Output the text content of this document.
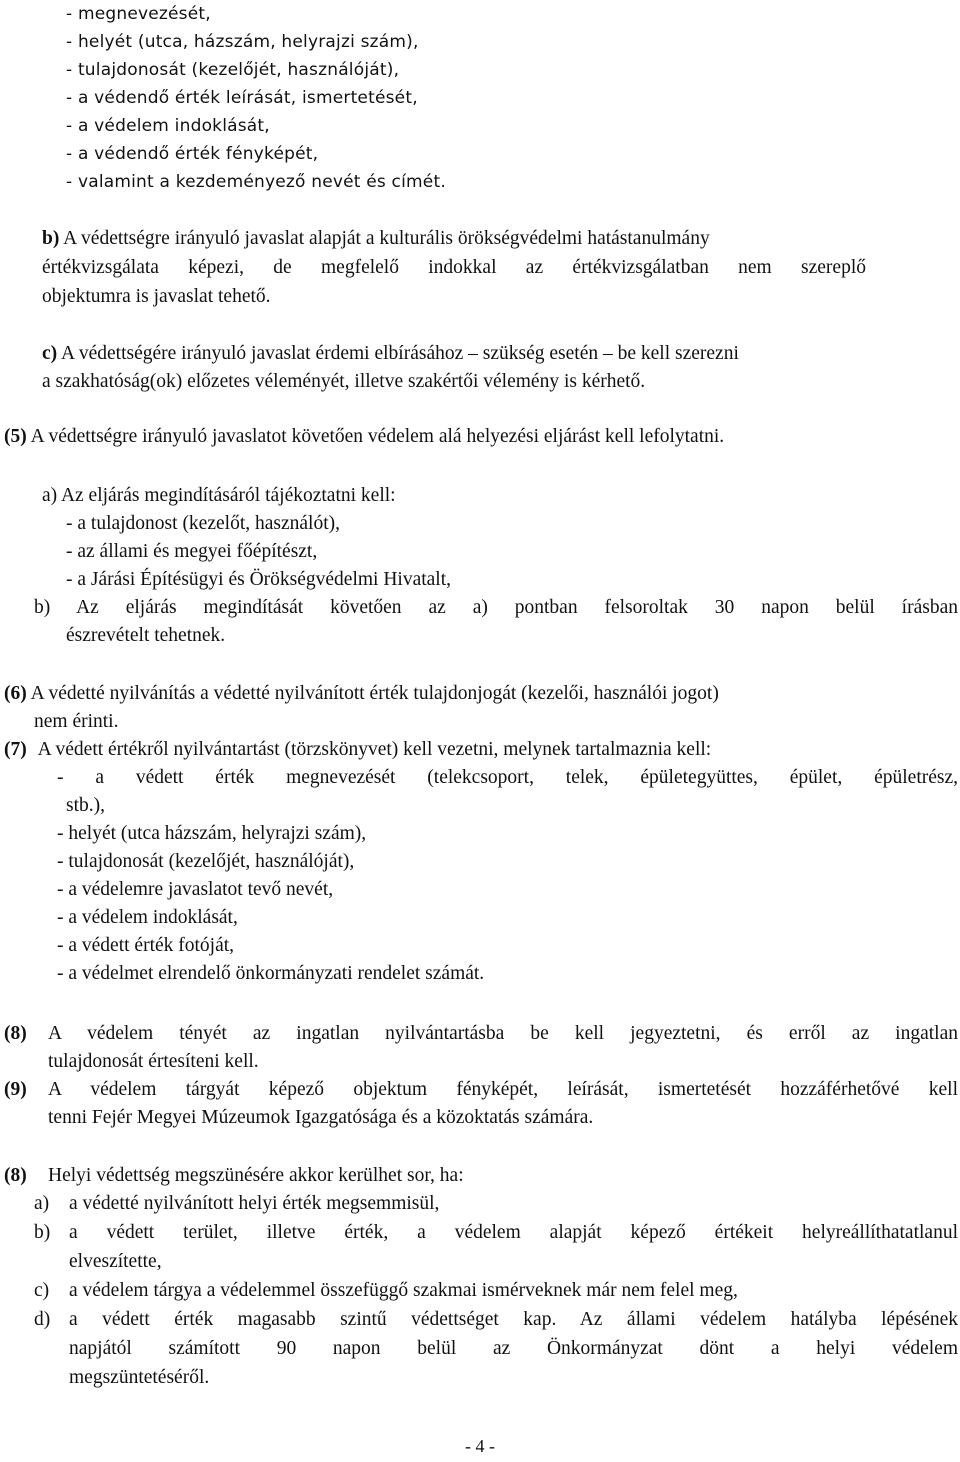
- megnevezését,
- helyét (utca, házszám, helyrajzi szám),
- tulajdonosát (kezelőjét, használóját),
- a védendő érték leírását, ismertetését,
- a védelem indoklását,
- a védendő érték fényképét,
- valamint a kezdeményező nevét és címét.
b) A védettségre irányuló javaslat alapját a kulturális örökségvédelmi hatástanulmány
értékvizsgálata képezi, de megfelelő indokkal az értékvizsgálatban nem szereplő
objektumra is javaslat tehető.
c) A védettségére irányuló javaslat érdemi elbírásához – szükség esetén – be kell szerezni
a szakhatóság(ok) előzetes véleményét, illetve szakértői vélemény is kérhető.
(5) A védettségre irányuló javaslatot követően védelem alá helyezési eljárást kell lefolytatni.
a) Az eljárás megindításáról tájékoztatni kell:
- a tulajdonost (kezelőt, használót),
- az állami és megyei főépítészt,
- a Járási Építésügyi és Örökségvédelmi Hivatalt,
b) Az eljárás megindítását követően az a) pontban felsoroltak 30 napon belül írásban
észrevételt tehetnek.
(6) A védetté nyilvánítás a védetté nyilvánított érték tulajdonjogát (kezelői, használói jogot)
nem érinti.
(7) A védett értékről nyilvántartást (törzskönyvet) kell vezetni, melynek tartalmaznia kell:
- a védett érték megnevezését (telekcsoport, telek, épületegyüttes, épület, épületrész,
stb.),
- helyét (utca házszám, helyrajzi szám),
- tulajdonosát (kezelőjét, használóját),
- a védelemre javaslatot tevő nevét,
- a védelem indoklását,
- a védett érték fotóját,
- a védelmet elrendelő önkormányzati rendelet számát.
(8) A védelem tényét az ingatlan nyilvántartásba be kell jegyeztetni, és erről az ingatlan
tulajdonosát értesíteni kell.
(9) A védelem tárgyát képező objektum fényképét, leírását, ismertetését hozzáférhetővé kell
tenni Fejér Megyei Múzeumok Igazgatósága és a közoktatás számára.
(8) Helyi védettség megszünésére akkor kerülhet sor, ha:
a) a védetté nyilvánított helyi érték megsemmisül,
b) a védett terület, illetve érték, a védelem alapját képező értékeit helyreállíthatatlanul
elveszítette,
c) a védelem tárgya a védelemmel összefüggő szakmai ismérveknek már nem felel meg,
d) a védett érték magasabb szintű védettséget kap. Az állami védelem hatályba lépésének
napjától számított 90 napon belül az Önkormányzat dönt a helyi védelem
megszüntetéséről.
- 4 -
